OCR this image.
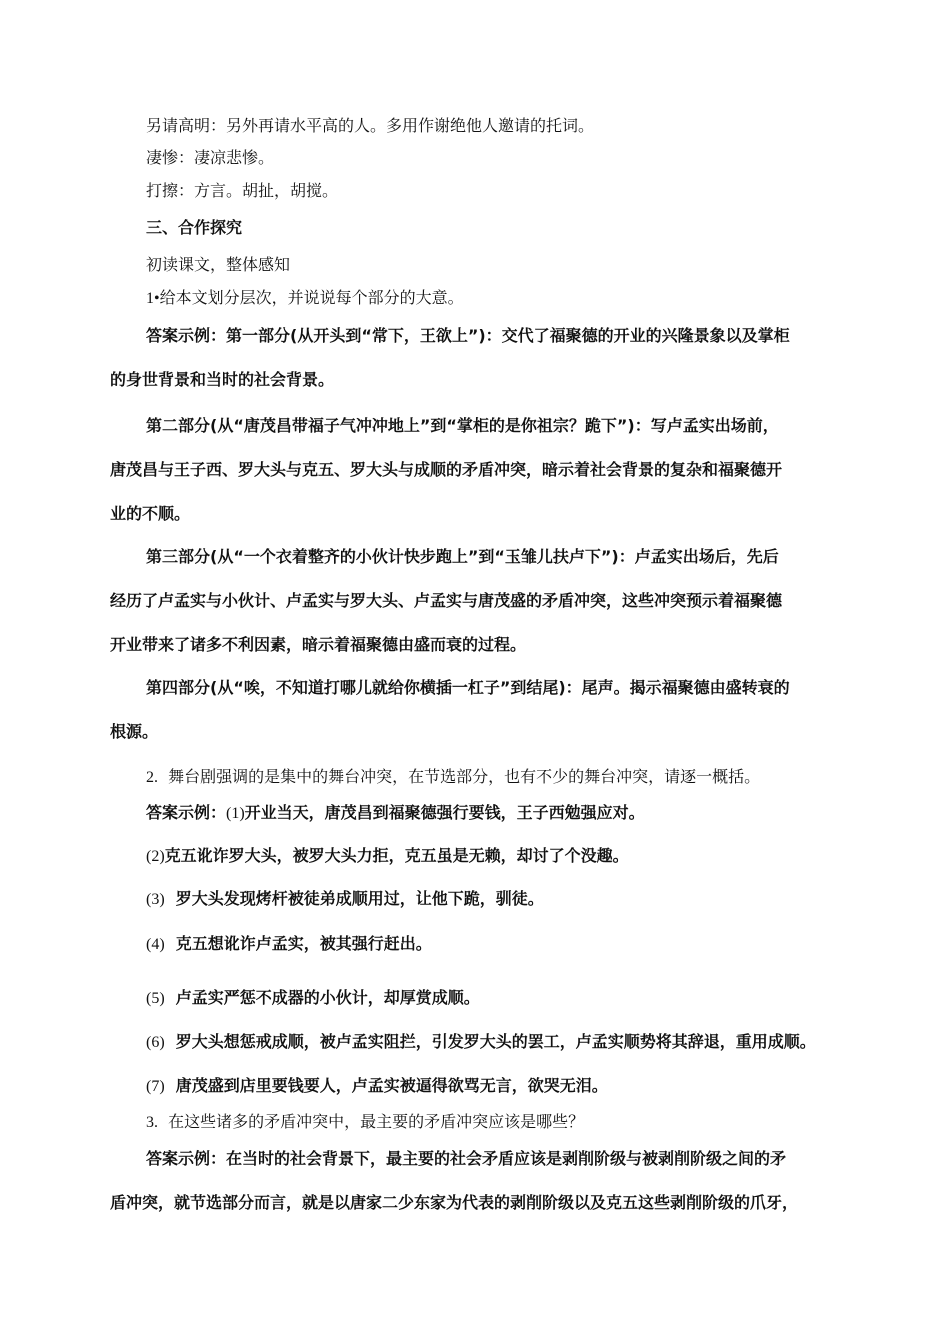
另请高明：另外再请水平高的人。多用作谢绝他人邀请的托词。
凄惨：凄凉悲惨。
打擦：方言。胡扯，胡搅。
三、合作探究
初读课文，整体感知
1•给本文划分层次，并说说每个部分的大意。
答案示例：第一部分(从开头到“常下，王欲上”)：交代了福聚德的开业的兴隆景象以及掌柜
的身世背景和当时的社会背景。
第二部分(从“唐茂昌带福子气冲冲地上”到“掌柜的是你祖宗？跪下”)：写卢孟实出场前，
唐茂昌与王子西、罗大头与克五、罗大头与成顺的矛盾冲突，暗示着社会背景的复杂和福聚德开
业的不顺。
第三部分(从“一个衣着整齐的小伙计快步跑上”到“玉雏儿扶卢下”)：卢孟实出场后，先后
经历了卢孟实与小伙计、卢孟实与罗大头、卢孟实与唐茂盛的矛盾冲突，这些冲突预示着福聚德
开业带来了诸多不利因素，暗示着福聚德由盛而衰的过程。
第四部分(从“唉，不知道打哪儿就给你横插一杠子”到结尾)：尾声。揭示福聚德由盛转衰的
根源。
2. 舞台剧强调的是集中的舞台冲突，在节选部分，也有不少的舞台冲突，请逐一概括。
答案示例：(1)开业当天，唐茂昌到福聚德强行要钱，王子西勉强应对。
(2)克五讹诈罗大头，被罗大头力拒，克五虽是无赖，却讨了个没趣。
(3) 罗大头发现烤杆被徒弟成顺用过，让他下跪，驯徒。
(4) 克五想讹诈卢孟实，被其强行赶出。
(5) 卢孟实严惩不成器的小伙计，却厚赏成顺。
(6) 罗大头想惩戒成顺，被卢孟实阻拦，引发罗大头的罢工，卢孟实顺势将其辞退，重用成顺。
(7) 唐茂盛到店里要钱要人，卢孟实被逼得欲骂无言，欲哭无泪。
3. 在这些诸多的矛盾冲突中，最主要的矛盾冲突应该是哪些？
答案示例：在当时的社会背景下，最主要的社会矛盾应该是剥削阶级与被剥削阶级之间的矛
盾冲突，就节选部分而言，就是以唐家二少东家为代表的剥削阶级以及克五这些剥削阶级的爪牙，
